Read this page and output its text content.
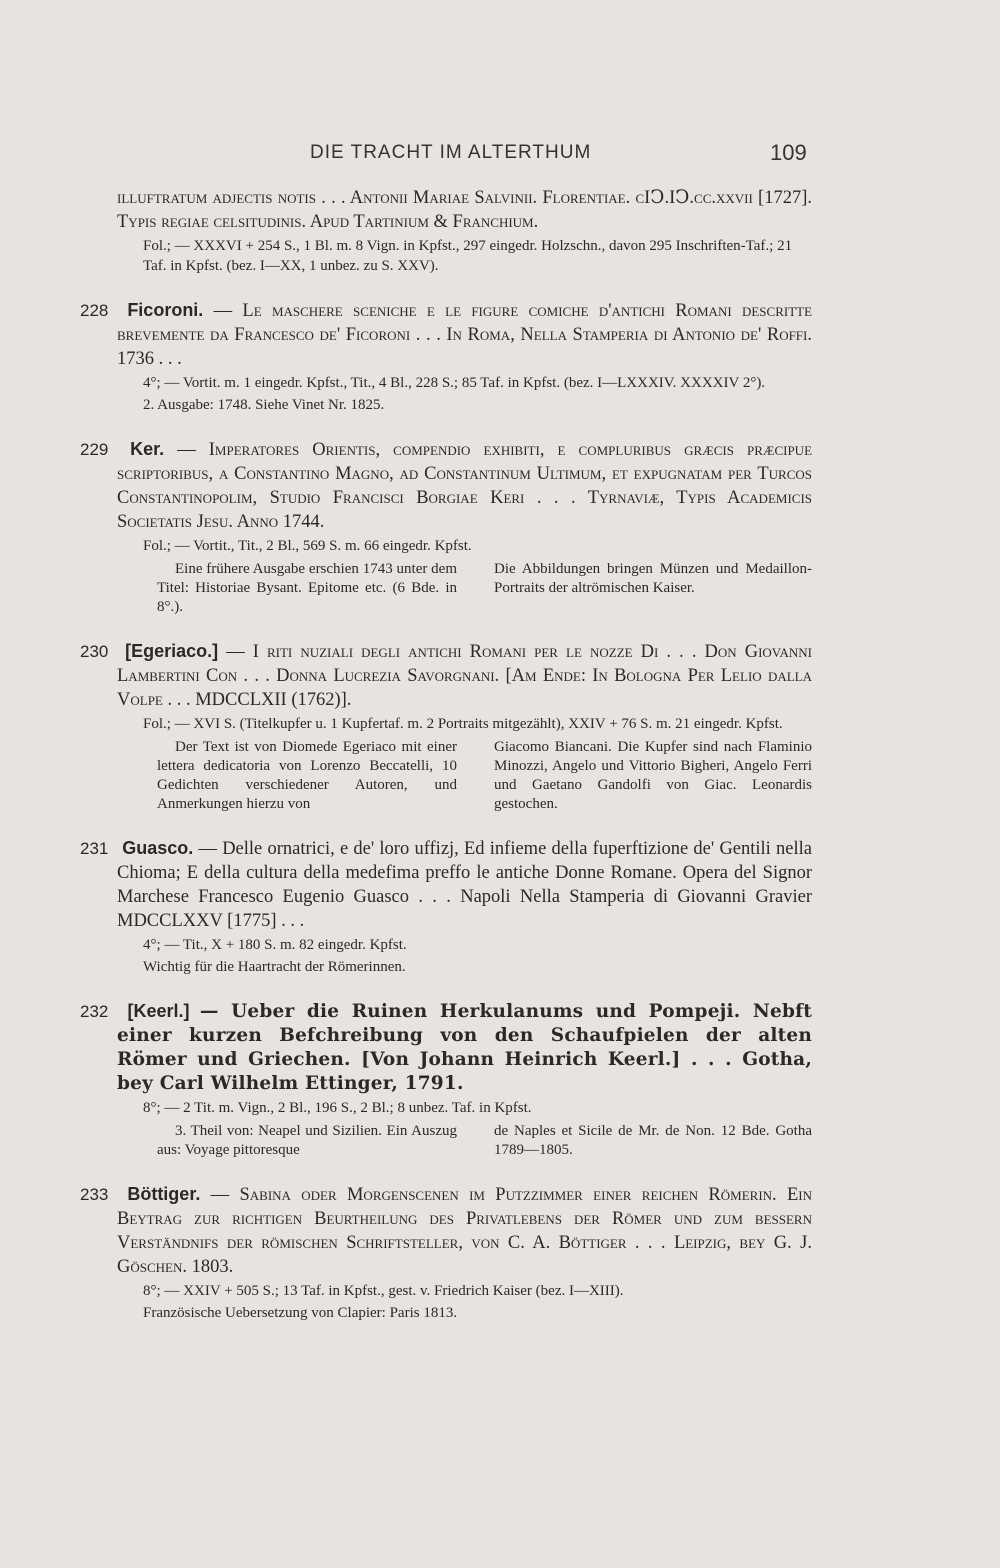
DIE TRACHT IM ALTERTHUM	109

illuftratum adjectis notis . . . Antonii Mariae Salvinii. Florentiae. cIↃ.IↃ.cc.xxvii [1727]. Typis regiae celsitudinis. Apud Tartinium & Franchium.

Fol.; — XXXVI + 254 S., 1 Bl. m. 8 Vign. in Kpfst., 297 eingedr. Holzschn., davon 295 Inschriften-Taf.; 21 Taf. in Kpfst. (bez. I—XX, 1 unbez. zu S. XXV).

228 Ficoroni. — Le maschere sceniche e le figure comiche d'antichi Romani descritte brevemente da Francesco de' Ficoroni . . . In Roma, Nella Stamperia di Antonio de' Roffi. 1736 . . .

4°; — Vortit. m. 1 eingedr. Kpfst., Tit., 4 Bl., 228 S.; 85 Taf. in Kpfst. (bez. I—LXXXIV. XXXXIV 2°).

2. Ausgabe: 1748. Siehe Vinet Nr. 1825.

229 Ker. — Imperatores Orientis, compendio exhibiti, e compluribus græcis præcipue scriptoribus, a Constantino Magno, ad Constantinum Ultimum, et expugnatam per Turcos Constantinopolim, Studio Francisci Borgiae Keri . . . Tyrnaviæ, Typis Academicis Societatis Jesu. Anno 1744.

Fol.; — Vortit., Tit., 2 Bl., 569 S. m. 66 eingedr. Kpfst.

Eine frühere Ausgabe erschien 1743 unter dem Titel: Historiae Bysant. Epitome etc. (6 Bde. in 8°.).
Die Abbildungen bringen Münzen und Medaillon-Portraits der altrömischen Kaiser.

230 [Egeriaco.] — I riti nuziali degli antichi Romani per le nozze Di . . . Don Giovanni Lambertini Con . . . Donna Lucrezia Savorgnani. [Am Ende: In Bologna Per Lelio dalla Volpe . . . MDCCLXII (1762)].

Fol.; — XVI S. (Titelkupfer u. 1 Kupfertaf. m. 2 Portraits mitgezählt), XXIV + 76 S. m. 21 eingedr. Kpfst.

Der Text ist von Diomede Egeriaco mit einer lettera dedicatoria von Lorenzo Beccatelli, 10 Gedichten verschiedener Autoren, und Anmerkungen hierzu von
Giacomo Biancani. Die Kupfer sind nach Flaminio Minozzi, Angelo und Vittorio Bigheri, Angelo Ferri und Gaetano Gandolfi von Giac. Leonardis gestochen.

231 Guasco. — Delle ornatrici, e de' loro uffizj, Ed infieme della fuperftizione de' Gentili nella Chioma; E della cultura della medefima preffo le antiche Donne Romane. Opera del Signor Marchese Francesco Eugenio Guasco . . . Napoli Nella Stamperia di Giovanni Gravier MDCCLXXV [1775] . . .

4°; — Tit., X + 180 S. m. 82 eingedr. Kpfst.

Wichtig für die Haartracht der Römerinnen.

232 [Keerl.] — Ueber die Ruinen Herkulanums und Pompeji. Nebft einer kurzen Befchreibung von den Schaufpielen der alten Römer und Griechen. [Von Johann Heinrich Keerl.] . . . Gotha, bey Carl Wilhelm Ettinger, 1791.

8°; — 2 Tit. m. Vign., 2 Bl., 196 S., 2 Bl.; 8 unbez. Taf. in Kpfst.

3. Theil von: Neapel und Sizilien. Ein Auszug aus: Voyage pittoresque
de Naples et Sicile de Mr. de Non. 12 Bde. Gotha 1789—1805.

233 Böttiger. — Sabina oder Morgenscenen im Putzzimmer einer reichen Römerin. Ein Beytrag zur richtigen Beurtheilung des Privatlebens der Römer und zum bessern Verständnifs der römischen Schriftsteller, von C. A. Böttiger . . . Leipzig, bey G. J. Göschen. 1803.

8°; — XXIV + 505 S.; 13 Taf. in Kpfst., gest. v. Friedrich Kaiser (bez. I—XIII).

Französische Uebersetzung von Clapier: Paris 1813.
